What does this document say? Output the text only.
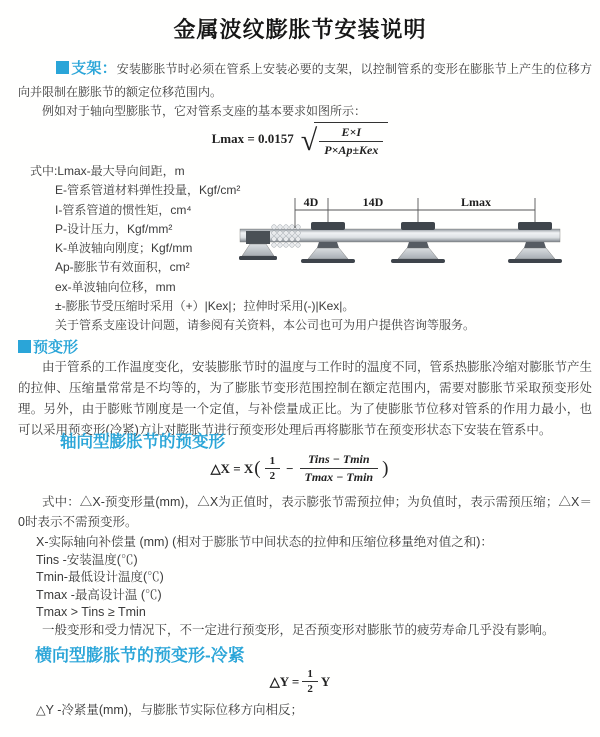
金属波纹膨胀节安装说明
支架：安装膨胀节时必须在管系上安装必要的支架，以控制管系的变形在膨胀节上产生的位移方向并限制在膨胀节的额定位移范围内。
例如对于轴向型膨胀节，它对管系支座的基本要求如图所示：
Lmax = 0.0157 √ $\frac{E\times I}{\text{P×Ap±Kex}}$
式中:Lmax-最大导向间距，m
E-管系管道材料弹性投量，Kgf/cm²
I-管系管道的惯性矩，cm⁴
P-设计压力，Kgf/mm²
K-单波轴向刚度；Kgf/mm
Ap-膨胀节有效面积，cm²
ex-单波轴向位移，mm
±-膨胀节受压缩时采用（+）|Kex|；拉伸时采用(-)|Kex|。
关于管系支座设计问题，请参阅有关资料，本公司也可为用户提供咨询等服务。
4D	14D	Lmax
预变形
由于管系的工作温度变化，安装膨胀节时的温度与工作时的温度不同，管系热膨胀冷缩对膨胀节产生的拉伸、压缩量常常是不均等的，为了膨胀节变形范围控制在额定范围内，需要对膨胀节采取预变形处理。另外，由于膨账节刚度是一个定值，与补偿量成正比。为了使膨胀节位移对管系的作用力最小，也可以采用预变形(冷紧)方让对膨胀节进行预变形处理后再将膨胀节在预变形状态下安装在管系中。
轴向型膨胀节的预变形
△X = X ( $\frac{1}{2} - \frac{\text{Tins − Tmin}}{Tmax - Tmin}$ )
式中：△X-预变形量(mm)，△X为正值时，表示膨张节需预拉伸；为负值时，表示需预压缩；△X＝0时表示不需预变形。
X-实际轴向补偿量 (mm) (相对于膨胀节中间状态的拉伸和压缩位移量绝对值之和)：
Tins -安装温度(℃)
Tmin-最低设计温度(℃)
Tmax -最高设计温 (℃)
Tmax > Tins ≥ Tmin
一般变形和受力情况下，不一定进行预变形，足否预变形对膨胀节的疲劳寿命几乎没有影响。
横向型膨胀节的预变形-冷紧
△Y = $\frac{1}{2}$ Y
△Y -冷紧量(mm)，与膨胀节实际位移方向相反；
